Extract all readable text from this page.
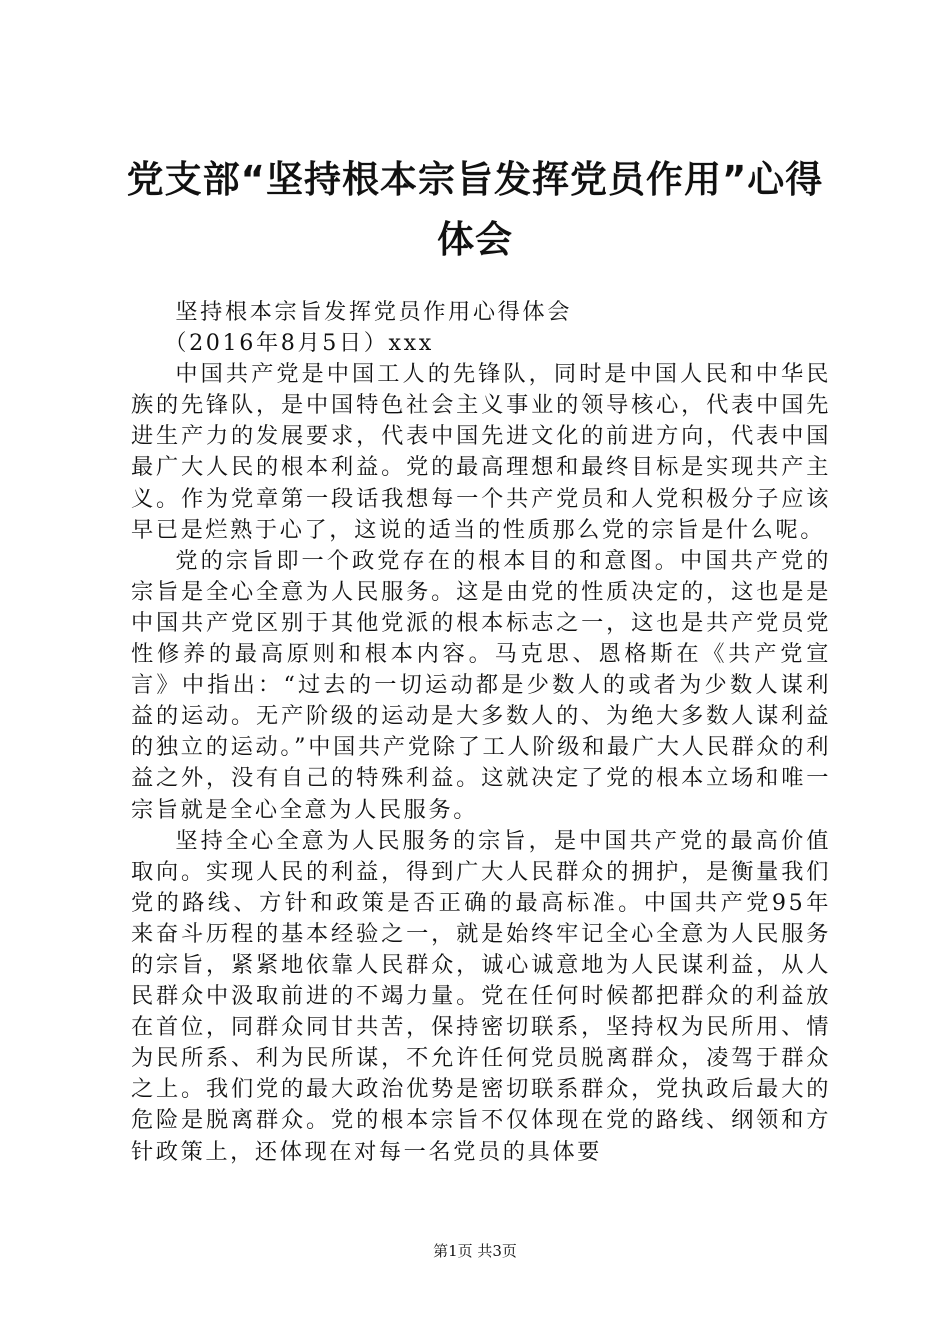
党支部“坚持根本宗旨发挥党员作用”心得体会

坚持根本宗旨发挥党员作用心得体会

（2016年8月5日）xxx

中国共产党是中国工人的先锋队，同时是中国人民和中华民族的先锋队，是中国特色社会主义事业的领导核心，代表中国先进生产力的发展要求，代表中国先进文化的前进方向，代表中国最广大人民的根本利益。党的最高理想和最终目标是实现共产主义。作为党章第一段话我想每一个共产党员和人党积极分子应该早已是烂熟于心了，这说的适当的性质那么党的宗旨是什么呢。

党的宗旨即一个政党存在的根本目的和意图。中国共产党的宗旨是全心全意为人民服务。这是由党的性质决定的，这也是是中国共产党区别于其他党派的根本标志之一，这也是共产党员党性修养的最高原则和根本内容。马克思、恩格斯在《共产党宣言》中指出：“过去的一切运动都是少数人的或者为少数人谋利益的运动。无产阶级的运动是大多数人的、为绝大多数人谋利益的独立的运动。”中国共产党除了工人阶级和最广大人民群众的利益之外，没有自己的特殊利益。这就决定了党的根本立场和唯一宗旨就是全心全意为人民服务。

坚持全心全意为人民服务的宗旨，是中国共产党的最高价值取向。实现人民的利益，得到广大人民群众的拥护，是衡量我们党的路线、方针和政策是否正确的最高标准。中国共产党95年来奋斗历程的基本经验之一，就是始终牢记全心全意为人民服务的宗旨，紧紧地依靠人民群众，诚心诚意地为人民谋利益，从人民群众中汲取前进的不竭力量。党在任何时候都把群众的利益放在首位，同群众同甘共苦，保持密切联系，坚持权为民所用、情为民所系、利为民所谋，不允许任何党员脱离群众，凌驾于群众之上。我们党的最大政治优势是密切联系群众，党执政后最大的危险是脱离群众。党的根本宗旨不仅体现在党的路线、纲领和方针政策上，还体现在对每一名党员的具体要

第1页 共3页
